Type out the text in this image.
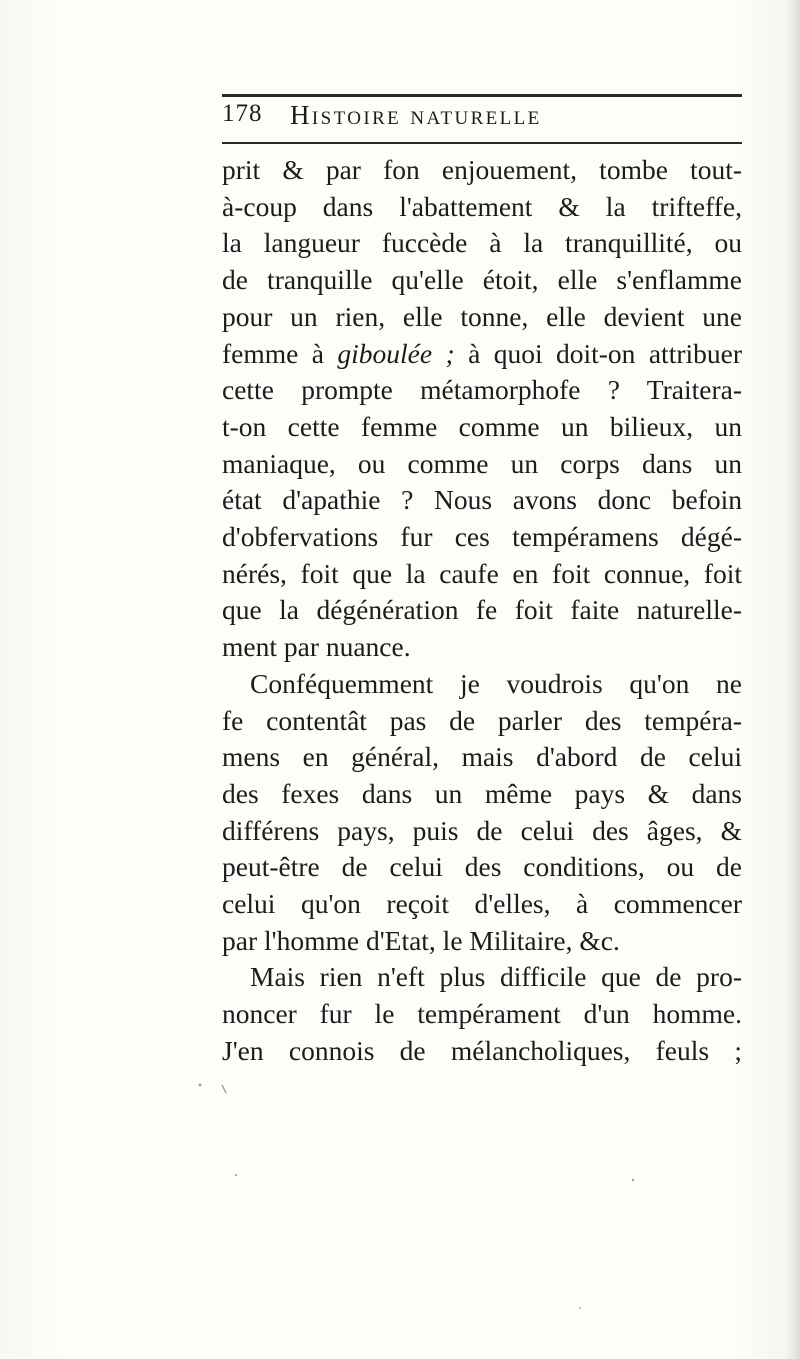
178 Histoire naturelle
prit & par fon enjouement, tombe tout-
à-coup dans l'abattement & la trifteffe,
la langueur fuccède à la tranquillité, ou
de tranquille qu'elle étoit, elle s'enflamme
pour un rien, elle tonne, elle devient une
femme à giboulée ; à quoi doit-on attribuer
cette prompte métamorphofe ? Traitera-
t-on cette femme comme un bilieux, un
maniaque, ou comme un corps dans un
état d'apathie ? Nous avons donc befoin
d'obfervations fur ces tempéramens dégé-
nérés, foit que la caufe en foit connue, foit
que la dégénération fe foit faite naturelle-
ment par nuance.
Conféquemment je voudrois qu'on ne
fe contentât pas de parler des tempéra-
mens en général, mais d'abord de celui
des fexes dans un même pays & dans
différens pays, puis de celui des âges, &
peut-être de celui des conditions, ou de
celui qu'on reçoit d'elles, à commencer
par l'homme d'Etat, le Militaire, &c.
Mais rien n'eft plus difficile que de pro-
noncer fur le tempérament d'un homme.
J'en connois de mélancholiques, feuls ;
